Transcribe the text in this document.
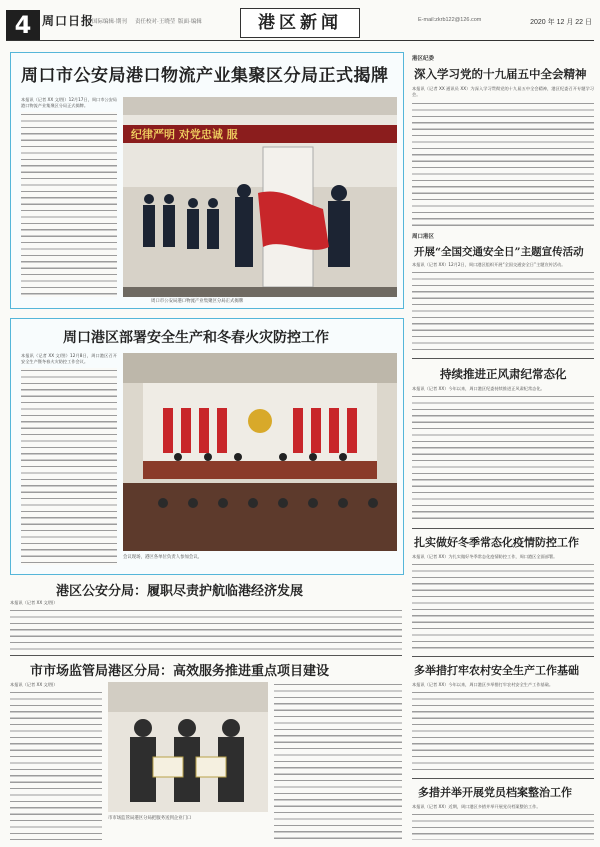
4 周口日报
国际编辑·期刊 责任校对·王晓莹 版面·编辑	港区新闻	E-mail:zkrb122@126.com	2020 年 12 月 22 日
周口市公安局港口物流产业集聚区分局正式揭牌
本报讯（记者 XX 文/图）12月17日，周口市公安局港口物流产业集聚区分局正式揭牌。
纪律严明 对党忠诚 服
周口市公安局港口物流产业集聚区分局正式揭牌
周口港区部署安全生产和冬春火灾防控工作
本报讯（记者 XX 文/图）12月8日，周口港区召开安全生产暨冬春火灾防控工作会议。
会议现场，港区各单位负责人参加会议。
港区公安分局：履职尽责护航临港经济发展
本报讯（记者 XX 文/图）
市市场监管局港区分局：高效服务推进重点项目建设
本报讯（记者 XX 文/图）
市市场监管局港区分局把服务送到企业门口
港区纪委
深入学习党的十九届五中全会精神
本报讯（记者 XX 通讯员 XX）为深入学习贯彻党的十九届五中全会精神，港区纪委召开专题学习会。
周口港区
开展“全国交通安全日”主题宣传活动
本报讯（记者 XX）12月2日，周口港区组织开展“全国交通安全日”主题宣传活动。
持续推进正风肃纪常态化
本报讯（记者 XX）今年以来，周口港区纪委持续推进正风肃纪常态化。
扎实做好冬季常态化疫情防控工作
本报讯（记者 XX）为扎实做好冬季常态化疫情防控工作，周口港区全面部署。
多举措打牢农村安全生产工作基础
本报讯（记者 XX）今年以来，周口港区多举措打牢农村安全生产工作基础。
多措并举开展党员档案整治工作
本报讯（记者 XX）近期，周口港区多措并举开展党员档案整治工作。
